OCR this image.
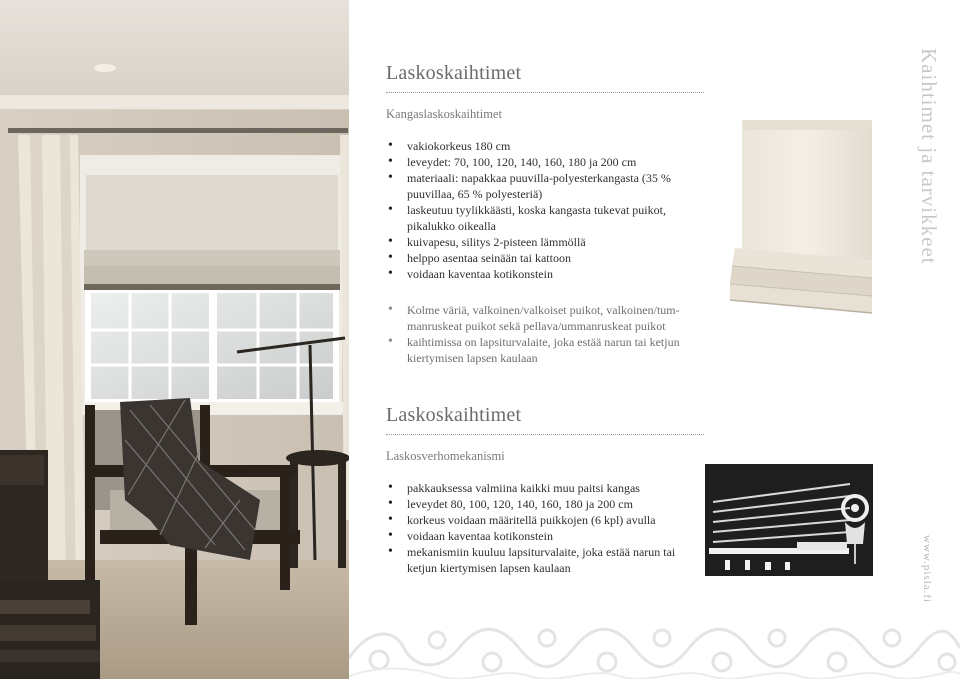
Laskoskaihtimet
Kangaslaskoskaihtimet
• vakiokorkeus 180 cm
• leveydet: 70, 100, 120, 140, 160, 180 ja 200 cm
• materiaali: napakkaa puuvilla-polyesterkangasta (35 % puuvillaa, 65 % polyesteriä)
• laskeutuu tyylikkäästi, koska kangasta tukevat puikot, pikalukko oikealla
• kuivapesu, silitys 2-pisteen lämmöllä
• helppo asentaa seinään tai kattoon
• voidaan kaventaa kotikonstein
• Kolme väriä, valkoinen/valkoiset puikot, valkoinen/tum-manruskeat puikot sekä pellava/ummanruskeat puikot
• kaihtimissa on lapsiturvalaite, joka estää narun tai ketjun kiertymisen lapsen kaulaan
Laskoskaihtimet
Laskosverhomekanismi
• pakkauksessa valmiina kaikki muu paitsi kangas
• leveydet 80, 100, 120, 140, 160, 180 ja 200 cm
• korkeus voidaan määritellä puikkojen (6 kpl) avulla
• voidaan kaventaa kotikonstein
• mekanismiin kuuluu lapsiturvalaite, joka estää narun tai ketjun kiertymisen lapsen kaulaan
Kaihtimet ja tarvikkeet
www.pisla.fi
